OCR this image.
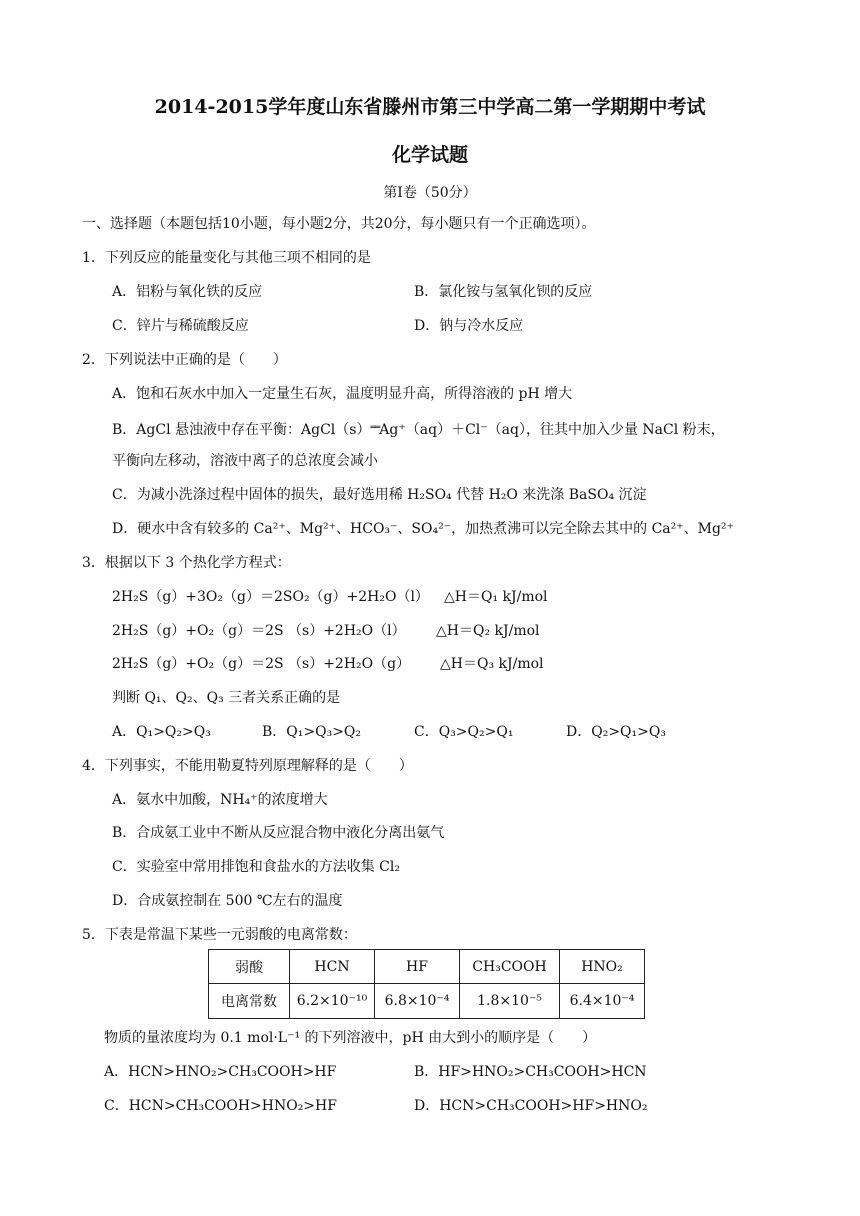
2014-2015学年度山东省滕州市第三中学高二第一学期期中考试
化学试题
第Ⅰ卷（50分）
一、选择题（本题包括10小题，每小题2分，共20分，每小题只有一个正确选项）。
1．下列反应的能量变化与其他三项不相同的是
A．铝粉与氧化铁的反应	B．氯化铵与氢氧化钡的反应
C．锌片与稀硫酸反应	D．钠与冷水反应
2．下列说法中正确的是（　　）
A．饱和石灰水中加入一定量生石灰，温度明显升高，所得溶液的 pH 增大
B．AgCl 悬浊液中存在平衡：AgCl（s）══Ag⁺（aq）＋Cl⁻（aq），往其中加入少量 NaCl 粉末，
平衡向左移动，溶液中离子的总浓度会减小
C．为减小洗涤过程中固体的损失，最好选用稀 H₂SO₄ 代替 H₂O 来洗涤 BaSO₄ 沉淀
D．硬水中含有较多的 Ca²⁺、Mg²⁺、HCO₃⁻、SO₄²⁻，加热煮沸可以完全除去其中的 Ca²⁺、Mg²⁺
3．根据以下 3 个热化学方程式：
2H₂S（g）+3O₂（g）＝2SO₂（g）+2H₂O（l） △H＝Q₁ kJ/mol
2H₂S（g）+O₂（g）＝2S （s）+2H₂O（l） △H＝Q₂ kJ/mol
2H₂S（g）+O₂（g）＝2S （s）+2H₂O（g） △H＝Q₃ kJ/mol
判断 Q₁、Q₂、Q₃ 三者关系正确的是
A．Q₁>Q₂>Q₃	B．Q₁>Q₃>Q₂	C．Q₃>Q₂>Q₁	D．Q₂>Q₁>Q₃
4．下列事实，不能用勒夏特列原理解释的是（　　）
A．氨水中加酸，NH₄⁺的浓度增大
B．合成氨工业中不断从反应混合物中液化分离出氨气
C．实验室中常用排饱和食盐水的方法收集 Cl₂
D．合成氨控制在 500 ℃左右的温度
5．下表是常温下某些一元弱酸的电离常数：
弱酸	HCN	HF	CH₃COOH	HNO₂
电离常数	6.2×10⁻¹⁰	6.8×10⁻⁴	1.8×10⁻⁵	6.4×10⁻⁴
物质的量浓度均为 0.1 mol·L⁻¹ 的下列溶液中，pH 由大到小的顺序是（　　）
A．HCN>HNO₂>CH₃COOH>HF	B．HF>HNO₂>CH₃COOH>HCN
C．HCN>CH₃COOH>HNO₂>HF	D．HCN>CH₃COOH>HF>HNO₂
